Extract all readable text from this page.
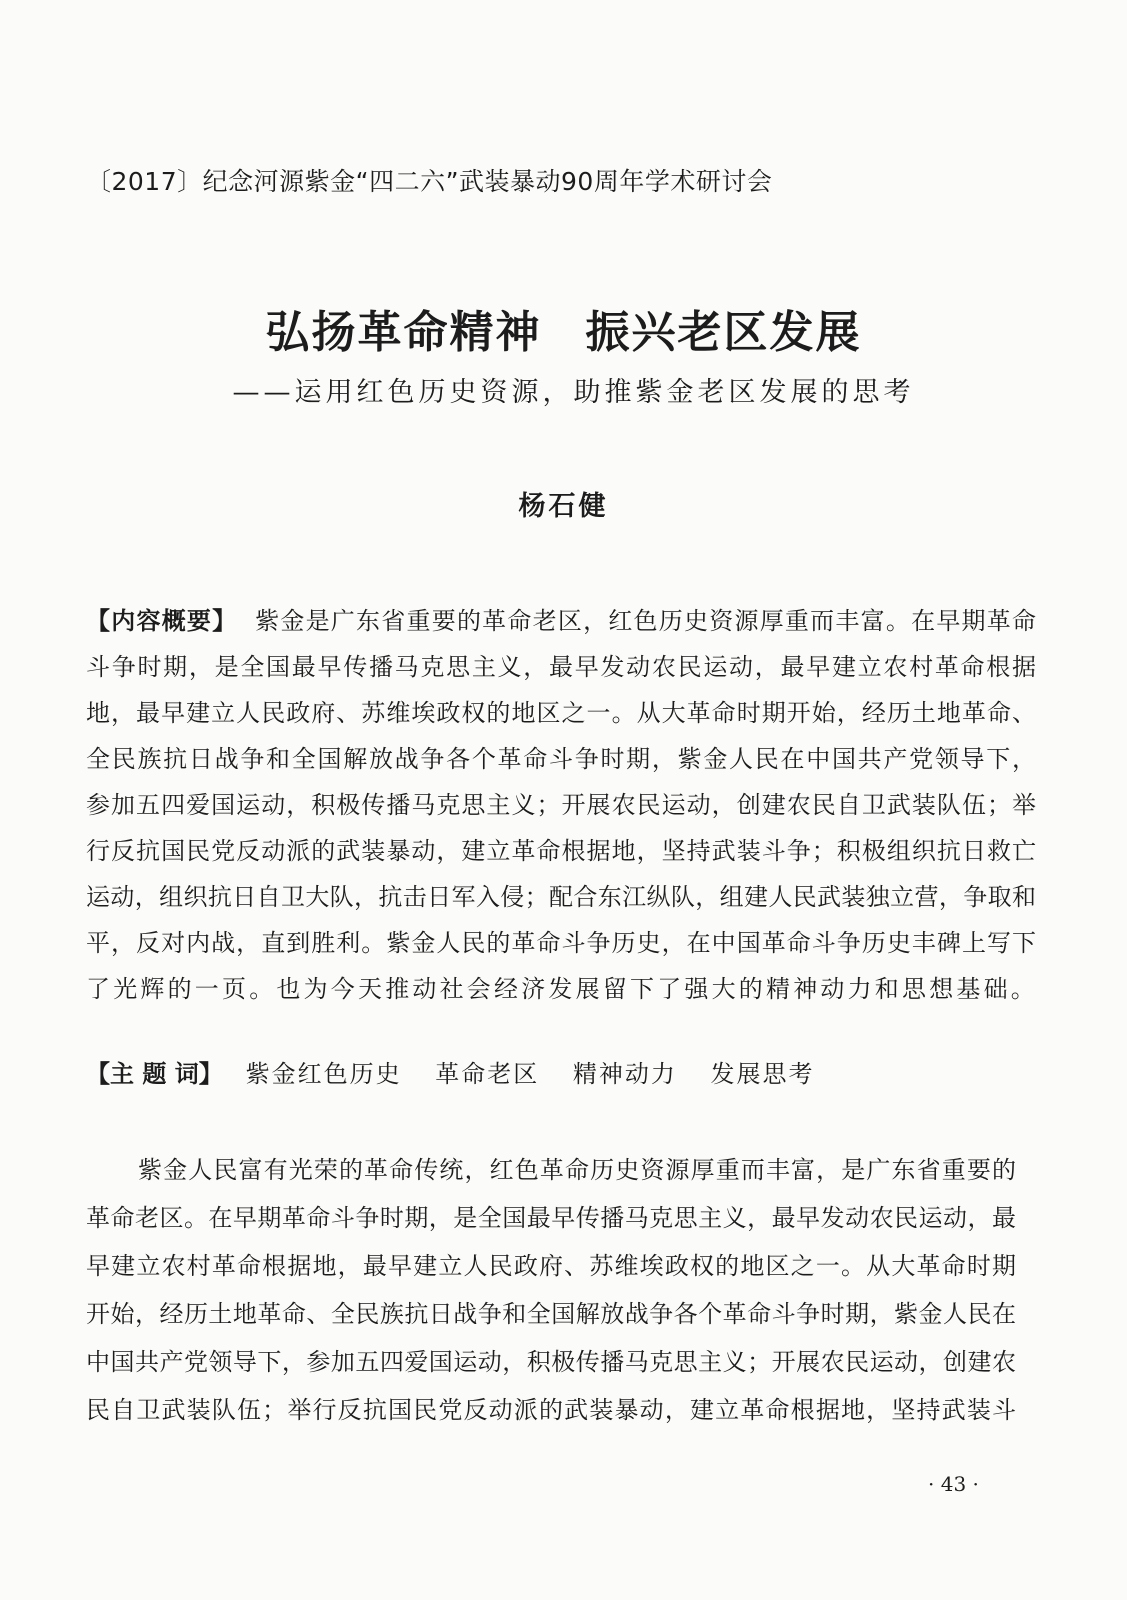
〔2017〕纪念河源紫金“四二六”武装暴动90周年学术研讨会
弘扬革命精神 振兴老区发展
——运用红色历史资源，助推紫金老区发展的思考
杨石健
【内容概要】 紫金是广东省重要的革命老区，红色历史资源厚重而丰富。在早期革命
斗争时期，是全国最早传播马克思主义，最早发动农民运动，最早建立农村革命根据
地，最早建立人民政府、苏维埃政权的地区之一。从大革命时期开始，经历土地革命、
全民族抗日战争和全国解放战争各个革命斗争时期，紫金人民在中国共产党领导下，
参加五四爱国运动，积极传播马克思主义；开展农民运动，创建农民自卫武装队伍；举
行反抗国民党反动派的武装暴动，建立革命根据地，坚持武装斗争；积极组织抗日救亡
运动，组织抗日自卫大队，抗击日军入侵；配合东江纵队，组建人民武装独立营，争取和
平，反对内战，直到胜利。紫金人民的革命斗争历史，在中国革命斗争历史丰碑上写下
了光辉的一页。也为今天推动社会经济发展留下了强大的精神动力和思想基础。
【主 题 词】 紫金红色历史 革命老区 精神动力 发展思考
紫金人民富有光荣的革命传统，红色革命历史资源厚重而丰富，是广东省重要的
革命老区。在早期革命斗争时期，是全国最早传播马克思主义，最早发动农民运动，最
早建立农村革命根据地，最早建立人民政府、苏维埃政权的地区之一。从大革命时期
开始，经历土地革命、全民族抗日战争和全国解放战争各个革命斗争时期，紫金人民在
中国共产党领导下，参加五四爱国运动，积极传播马克思主义；开展农民运动，创建农
民自卫武装队伍；举行反抗国民党反动派的武装暴动，建立革命根据地，坚持武装斗
· 43 ·
